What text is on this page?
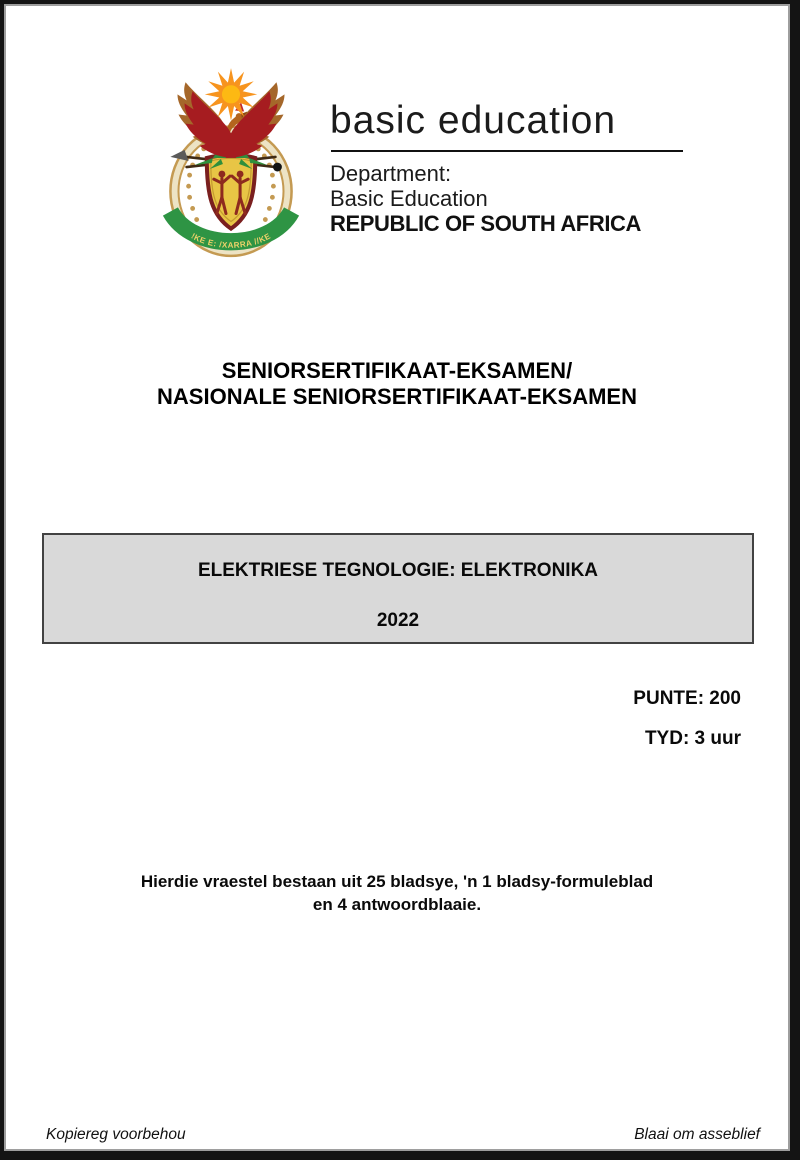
!KE E: /XARRA //KE
basic education
Department:
Basic Education
REPUBLIC OF SOUTH AFRICA
SENIORSERTIFIKAAT-EKSAMEN/
NASIONALE SENIORSERTIFIKAAT-EKSAMEN
ELEKTRIESE TEGNOLOGIE: ELEKTRONIKA
2022
PUNTE: 200
TYD: 3 uur
Hierdie vraestel bestaan uit 25 bladsye, 'n 1 bladsy-formuleblad
en 4 antwoordblaaie.
Kopiereg voorbehou	Blaai om asseblief
